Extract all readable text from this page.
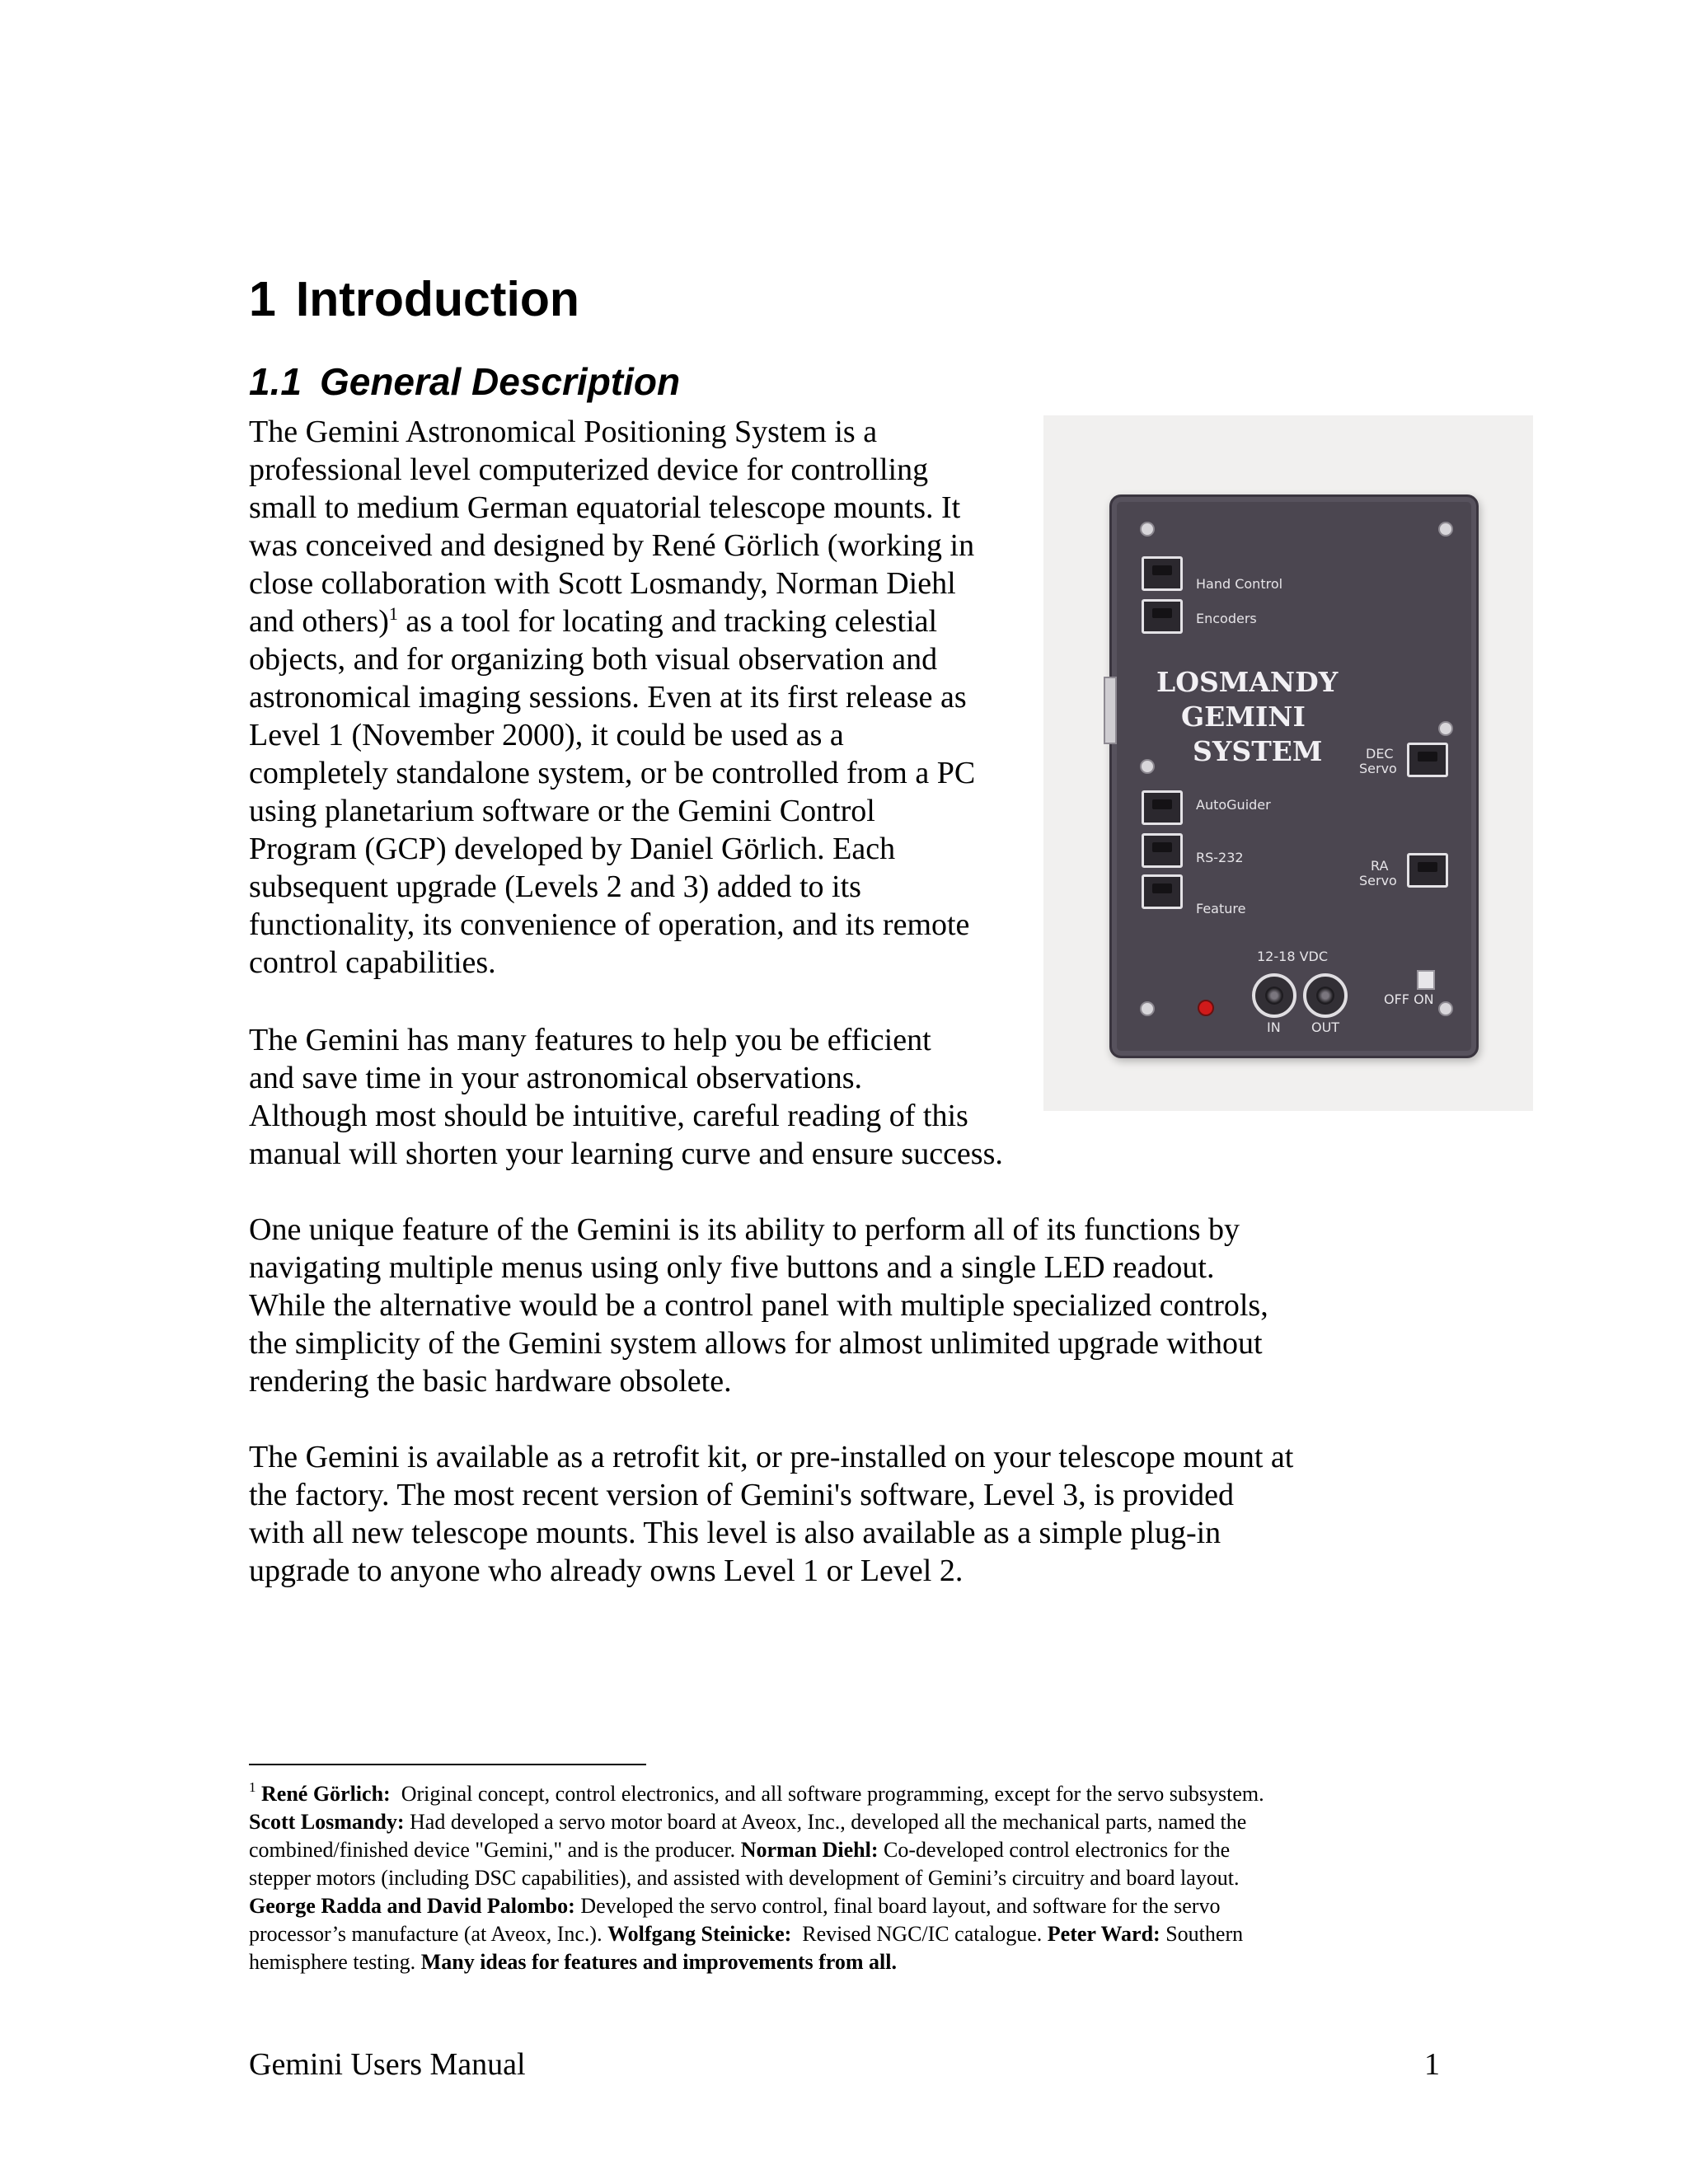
1 Introduction
1.1 General Description
The Gemini Astronomical Positioning System is a
professional level computerized device for controlling
small to medium German equatorial telescope mounts. It
was conceived and designed by René Görlich (working in
close collaboration with Scott Losmandy, Norman Diehl
and others)$^1$ as a tool for locating and tracking celestial
objects, and for organizing both visual observation and
astronomical imaging sessions. Even at its first release as
Level 1 (November 2000), it could be used as a
completely standalone system, or be controlled from a PC
using planetarium software or the Gemini Control
Program (GCP) developed by Daniel Görlich. Each
subsequent upgrade (Levels 2 and 3) added to its
functionality, its convenience of operation, and its remote
control capabilities.
Hand Control
Encoders
LOSMANDY
GEMINI
SYSTEM	DEC
Servo
AutoGuider
RS-232
Feature
RA
Servo
12-18 VDC
IN OUT
OFF ON
The Gemini has many features to help you be efficient
and save time in your astronomical observations.
Although most should be intuitive, careful reading of this
manual will shorten your learning curve and ensure success.
One unique feature of the Gemini is its ability to perform all of its functions by
navigating multiple menus using only five buttons and a single LED readout.
While the alternative would be a control panel with multiple specialized controls,
the simplicity of the Gemini system allows for almost unlimited upgrade without
rendering the basic hardware obsolete.
The Gemini is available as a retrofit kit, or pre-installed on your telescope mount at
the factory. The most recent version of Gemini's software, Level 3, is provided
with all new telescope mounts. This level is also available as a simple plug-in
upgrade to anyone who already owns Level 1 or Level 2.
$^1$ René Görlich:  Original concept, control electronics, and all software programming, except for the servo subsystem.
Scott Losmandy: Had developed a servo motor board at Aveox, Inc., developed all the mechanical parts, named the
combined/finished device "Gemini," and is the producer. Norman Diehl: Co-developed control electronics for the
stepper motors (including DSC capabilities), and assisted with development of Gemini’s circuitry and board layout.
George Radda and David Palombo: Developed the servo control, final board layout, and software for the servo
processor’s manufacture (at Aveox, Inc.). Wolfgang Steinicke:  Revised NGC/IC catalogue. Peter Ward: Southern
hemisphere testing. Many ideas for features and improvements from all.
Gemini Users Manual	1
